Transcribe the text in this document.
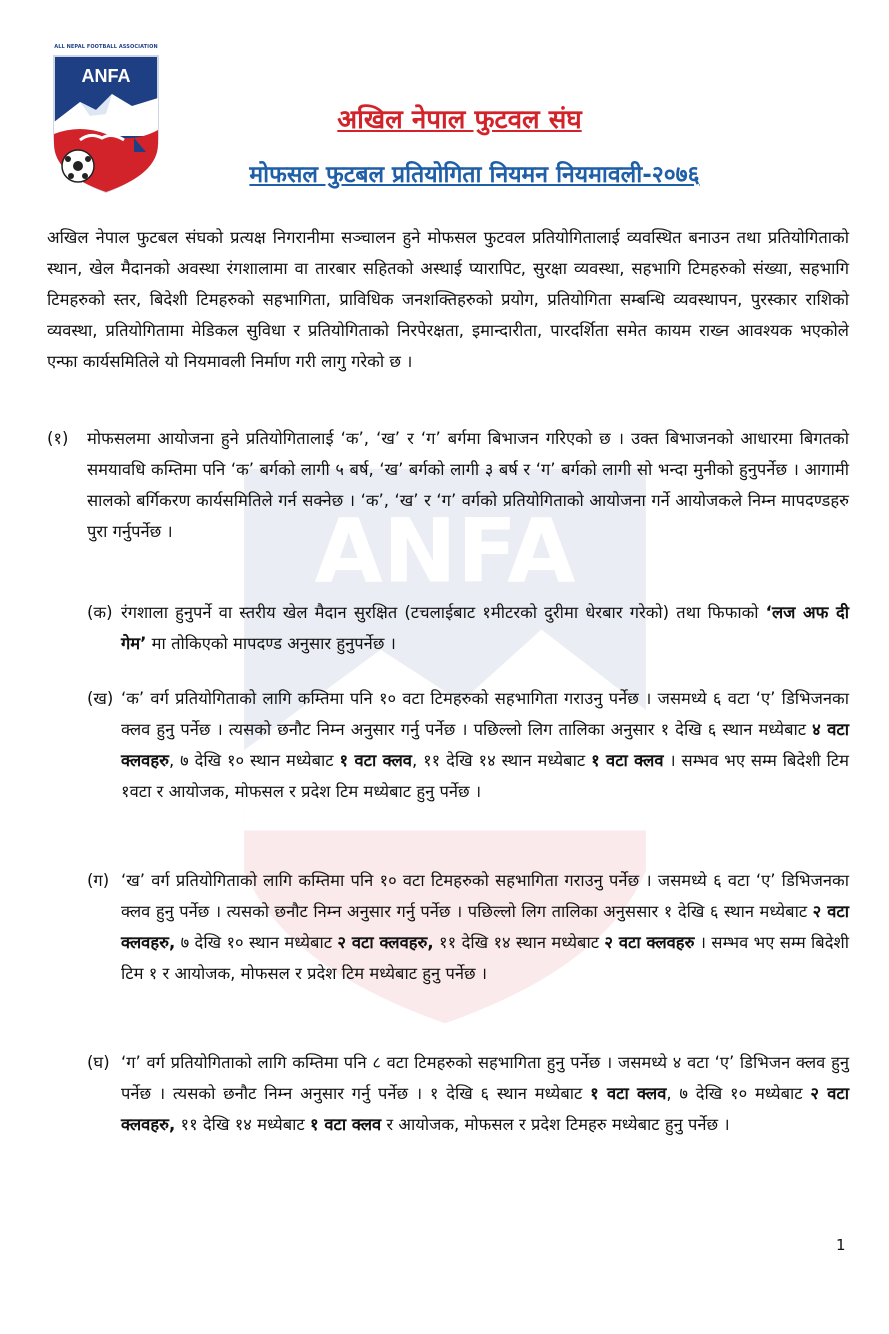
ANFA
ALL NEPAL FOOTBALL ASSOCIATION
ANFA
अखिल नेपाल फुटवल संघ
मोफसल फुटबल प्रतियोगिता नियमन नियमावली-२०७६

अखिल नेपाल फुटबल संघको प्रत्यक्ष निगरानीमा सञ्चालन हुने मोफसल फुटवल प्रतियोगितालाई व्यवस्थित बनाउन तथा प्रतियोगिताको स्थान, खेल मैदानको अवस्था रंगशालामा वा तारबार सहितको अस्थाई प्यारापिट, सुरक्षा व्यवस्था, सहभागि टिमहरुको संख्या, सहभागि टिमहरुको स्तर, बिदेशी टिमहरुको सहभागिता, प्राविधिक जनशक्तिहरुको प्रयोग, प्रतियोगिता सम्बन्धि व्यवस्थापन, पुरस्कार राशिको व्यवस्था, प्रतियोगितामा मेडिकल सुविधा र प्रतियोगिताको निरपेरक्षता, इमान्दारीता, पारदर्शिता समेत कायम राख्न आवश्यक भएकोले एन्फा कार्यसमितिले यो नियमावली निर्माण गरी लागु गरेको छ ।

(१) मोफसलमा आयोजना हुने प्रतियोगितालाई ‘क’, ‘ख’ र ‘ग’ बर्गमा बिभाजन गरिएको छ । उक्त बिभाजनको आधारमा बिगतको समयावधि कम्तिमा पनि ‘क’ बर्गको लागी ५ बर्ष, ‘ख’ बर्गको लागी ३ बर्ष र ‘ग’ बर्गको लागी सो भन्दा मुनीको हुनुपर्नेछ । आगामी सालको बर्गिकरण कार्यसमितिले गर्न सक्नेछ । ‘क’, ‘ख’ र ‘ग’ वर्गको प्रतियोगिताको आयोजना गर्ने आयोजकले निम्न मापदण्डहरु पुरा गर्नुपर्नेछ ।

(क) रंगशाला हुनुपर्ने वा स्तरीय खेल मैदान सुरक्षित (टचलाईबाट १मीटरको दुरीमा धेरबार गरेको) तथा फिफाको ‘लज अफ दी गेम’ मा तोकिएको मापदण्ड अनुसार हुनुपर्नेछ ।

(ख) ‘क’ वर्ग प्रतियोगिताको लागि कम्तिमा पनि १० वटा टिमहरुको सहभागिता गराउनु पर्नेछ । जसमध्ये ६ वटा ‘ए’ डिभिजनका क्लव हुनु पर्नेछ । त्यसको छनौट निम्न अनुसार गर्नु पर्नेछ । पछिल्लो लिग तालिका अनुसार १ देखि ६ स्थान मध्येबाट ४ वटा क्लवहरु, ७ देखि १० स्थान मध्येबाट १ वटा क्लव, ११ देखि १४ स्थान मध्येबाट १ वटा क्लव । सम्भव भए सम्म बिदेशी टिम १वटा र आयोजक, मोफसल र प्रदेश टिम मध्येबाट हुनु पर्नेछ ।

(ग) ‘ख’ वर्ग प्रतियोगिताको लागि कम्तिमा पनि १० वटा टिमहरुको सहभागिता गराउनु पर्नेछ । जसमध्ये ६ वटा ‘ए’ डिभिजनका क्लव हुनु पर्नेछ । त्यसको छनौट निम्न अनुसार गर्नु पर्नेछ । पछिल्लो लिग तालिका अनुससार १ देखि ६ स्थान मध्येबाट २ वटा क्लवहरु, ७ देखि १० स्थान मध्येबाट २ वटा क्लवहरु, ११ देखि १४ स्थान मध्येबाट २ वटा क्लवहरु । सम्भव भए सम्म बिदेशी टिम १ र आयोजक, मोफसल र प्रदेश टिम मध्येबाट हुनु पर्नेछ ।

(घ) ‘ग’ वर्ग प्रतियोगिताको लागि कम्तिमा पनि ८ वटा टिमहरुको सहभागिता हुनु पर्नेछ । जसमध्ये ४ वटा ‘ए’ डिभिजन क्लव हुनु पर्नेछ । त्यसको छनौट निम्न अनुसार गर्नु पर्नेछ । १ देखि ६ स्थान मध्येबाट १ वटा क्लव, ७ देखि १० मध्येबाट २ वटा क्लवहरु, ११ देखि १४ मध्येबाट १ वटा क्लव र आयोजक, मोफसल र प्रदेश टिमहरु मध्येबाट हुनु पर्नेछ ।

1
